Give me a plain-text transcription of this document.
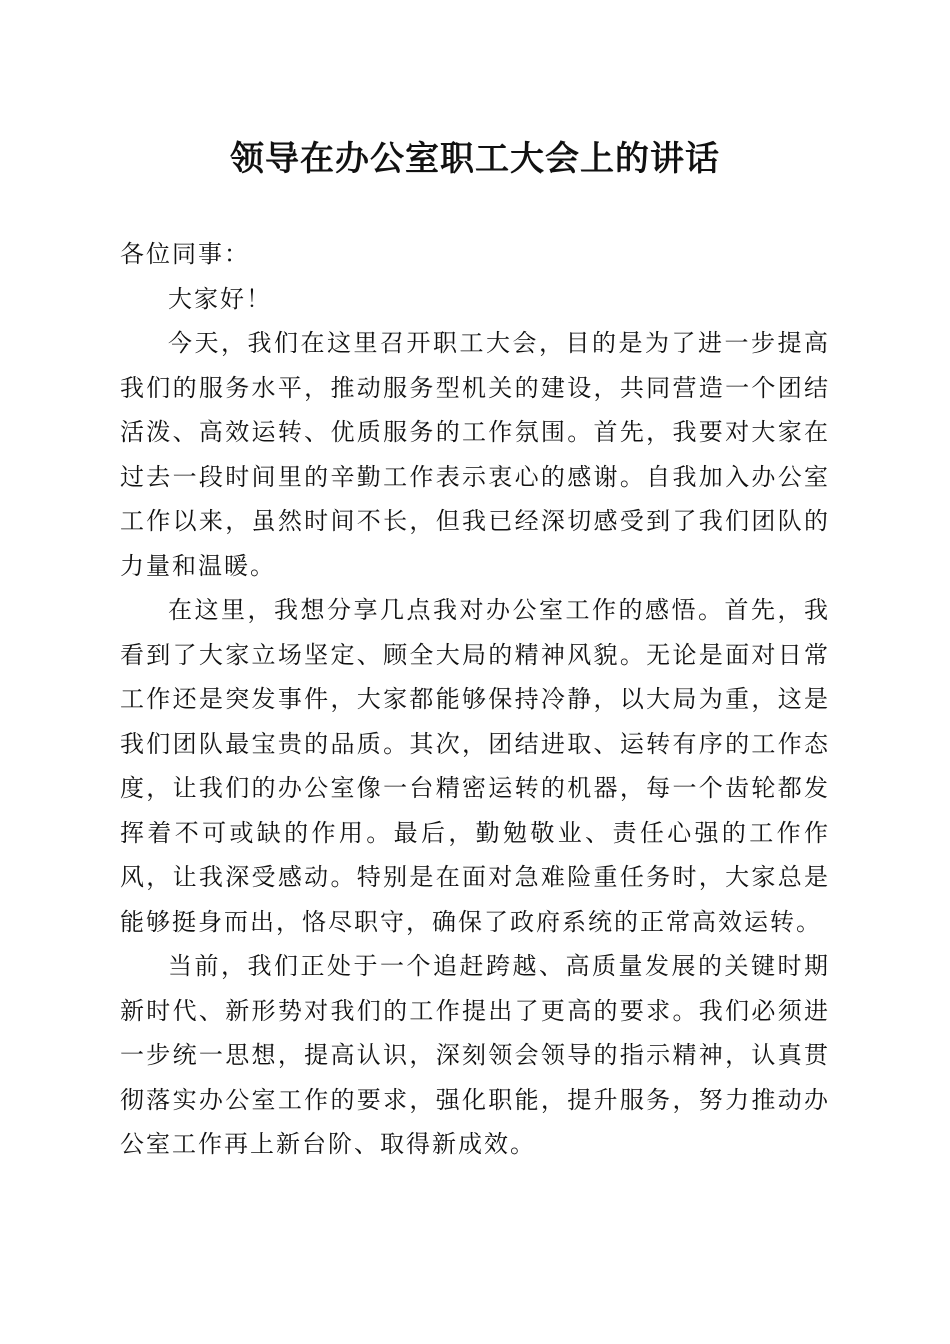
领导在办公室职工大会上的讲话

各位同事：

大家好！

今天，我们在这里召开职工大会，目的是为了进一步提高我们的服务水平，推动服务型机关的建设，共同营造一个团结活泼、高效运转、优质服务的工作氛围。首先，我要对大家在过去一段时间里的辛勤工作表示衷心的感谢。自我加入办公室工作以来，虽然时间不长，但我已经深切感受到了我们团队的力量和温暖。

在这里，我想分享几点我对办公室工作的感悟。首先，我看到了大家立场坚定、顾全大局的精神风貌。无论是面对日常工作还是突发事件，大家都能够保持冷静，以大局为重，这是我们团队最宝贵的品质。其次，团结进取、运转有序的工作态度，让我们的办公室像一台精密运转的机器，每一个齿轮都发挥着不可或缺的作用。最后，勤勉敬业、责任心强的工作作风，让我深受感动。特别是在面对急难险重任务时，大家总是能够挺身而出，恪尽职守，确保了政府系统的正常高效运转。

当前，我们正处于一个追赶跨越、高质量发展的关键时期新时代、新形势对我们的工作提出了更高的要求。我们必须进一步统一思想，提高认识，深刻领会领导的指示精神，认真贯彻落实办公室工作的要求，强化职能，提升服务，努力推动办公室工作再上新台阶、取得新成效。
